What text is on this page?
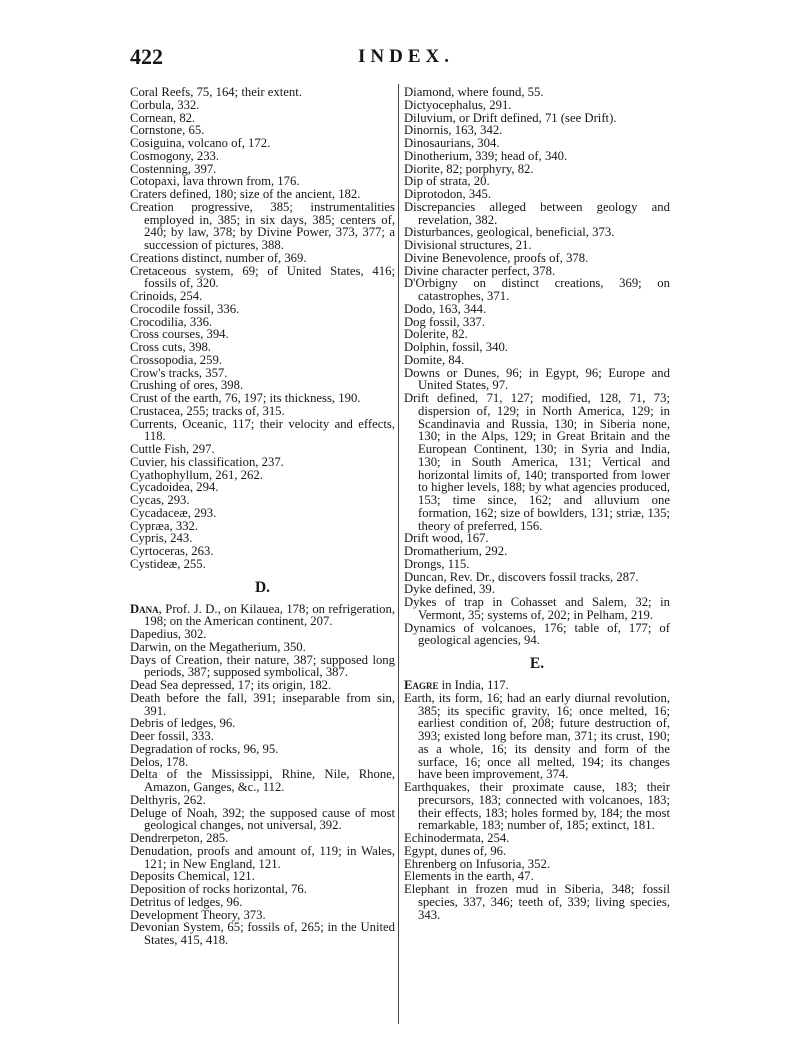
422	INDEX.

Coral Reefs, 75, 164; their extent.

Corbula, 332.

Cornean, 82.

Cornstone, 65.

Cosiguina, volcano of, 172.

Cosmogony, 233.

Costenning, 397.

Cotopaxi, lava thrown from, 176.

Craters defined, 180; size of the ancient, 182.

Creation progressive, 385; instrumentalities employed in, 385; in six days, 385; centers of, 240; by law, 378; by Divine Power, 373, 377; a succession of pictures, 388.

Creations distinct, number of, 369.

Cretaceous system, 69; of United States, 416; fossils of, 320.

Crinoids, 254.

Crocodile fossil, 336.

Crocodilia, 336.

Cross courses, 394.

Cross cuts, 398.

Crossopodia, 259.

Crow's tracks, 357.

Crushing of ores, 398.

Crust of the earth, 76, 197; its thickness, 190.

Crustacea, 255; tracks of, 315.

Currents, Oceanic, 117; their velocity and effects, 118.

Cuttle Fish, 297.

Cuvier, his classification, 237.

Cyathophyllum, 261, 262.

Cycadoidea, 294.

Cycas, 293.

Cycadaceæ, 293.

Cypræa, 332.

Cypris, 243.

Cyrtoceras, 263.

Cystideæ, 255.

D.

Dana, Prof. J. D., on Kilauea, 178; on refrigeration, 198; on the American continent, 207.

Dapedius, 302.

Darwin, on the Megatherium, 350.

Days of Creation, their nature, 387; supposed long periods, 387; supposed symbolical, 387.

Dead Sea depressed, 17; its origin, 182.

Death before the fall, 391; inseparable from sin, 391.

Debris of ledges, 96.

Deer fossil, 333.

Degradation of rocks, 96, 95.

Delos, 178.

Delta of the Mississippi, Rhine, Nile, Rhone, Amazon, Ganges, &c., 112.

Delthyris, 262.

Deluge of Noah, 392; the supposed cause of most geological changes, not universal, 392.

Dendrerpeton, 285.

Denudation, proofs and amount of, 119; in Wales, 121; in New England, 121.

Deposits Chemical, 121.

Deposition of rocks horizontal, 76.

Detritus of ledges, 96.

Development Theory, 373.

Devonian System, 65; fossils of, 265; in the United States, 415, 418.

Diamond, where found, 55.

Dictyocephalus, 291.

Diluvium, or Drift defined, 71 (see Drift).

Dinornis, 163, 342.

Dinosaurians, 304.

Dinotherium, 339; head of, 340.

Diorite, 82; porphyry, 82.

Dip of strata, 20.

Diprotodon, 345.

Discrepancies alleged between geology and revelation, 382.

Disturbances, geological, beneficial, 373.

Divisional structures, 21.

Divine Benevolence, proofs of, 378.

Divine character perfect, 378.

D'Orbigny on distinct creations, 369; on catastrophes, 371.

Dodo, 163, 344.

Dog fossil, 337.

Dolerite, 82.

Dolphin, fossil, 340.

Domite, 84.

Downs or Dunes, 96; in Egypt, 96; Europe and United States, 97.

Drift defined, 71, 127; modified, 128, 71, 73; dispersion of, 129; in North America, 129; in Scandinavia and Russia, 130; in Siberia none, 130; in the Alps, 129; in Great Britain and the European Continent, 130; in Syria and India, 130; in South America, 131; Vertical and horizontal limits of, 140; transported from lower to higher levels, 188; by what agencies produced, 153; time since, 162; and alluvium one formation, 162; size of bowlders, 131; striæ, 135; theory of preferred, 156.

Drift wood, 167.

Dromatherium, 292.

Drongs, 115.

Duncan, Rev. Dr., discovers fossil tracks, 287.

Dyke defined, 39.

Dykes of trap in Cohasset and Salem, 32; in Vermont, 35; systems of, 202; in Pelham, 219.

Dynamics of volcanoes, 176; table of, 177; of geological agencies, 94.

E.

Eagre in India, 117.

Earth, its form, 16; had an early diurnal revolution, 385; its specific gravity, 16; once melted, 16; earliest condition of, 208; future destruction of, 393; existed long before man, 371; its crust, 190; as a whole, 16; its density and form of the surface, 16; once all melted, 194; its changes have been improvement, 374.

Earthquakes, their proximate cause, 183; their precursors, 183; connected with volcanoes, 183; their effects, 183; holes formed by, 184; the most remarkable, 183; number of, 185; extinct, 181.

Echinodermata, 254.

Egypt, dunes of, 96.

Ehrenberg on Infusoria, 352.

Elements in the earth, 47.

Elephant in frozen mud in Siberia, 348; fossil species, 337, 346; teeth of, 339; living species, 343.
